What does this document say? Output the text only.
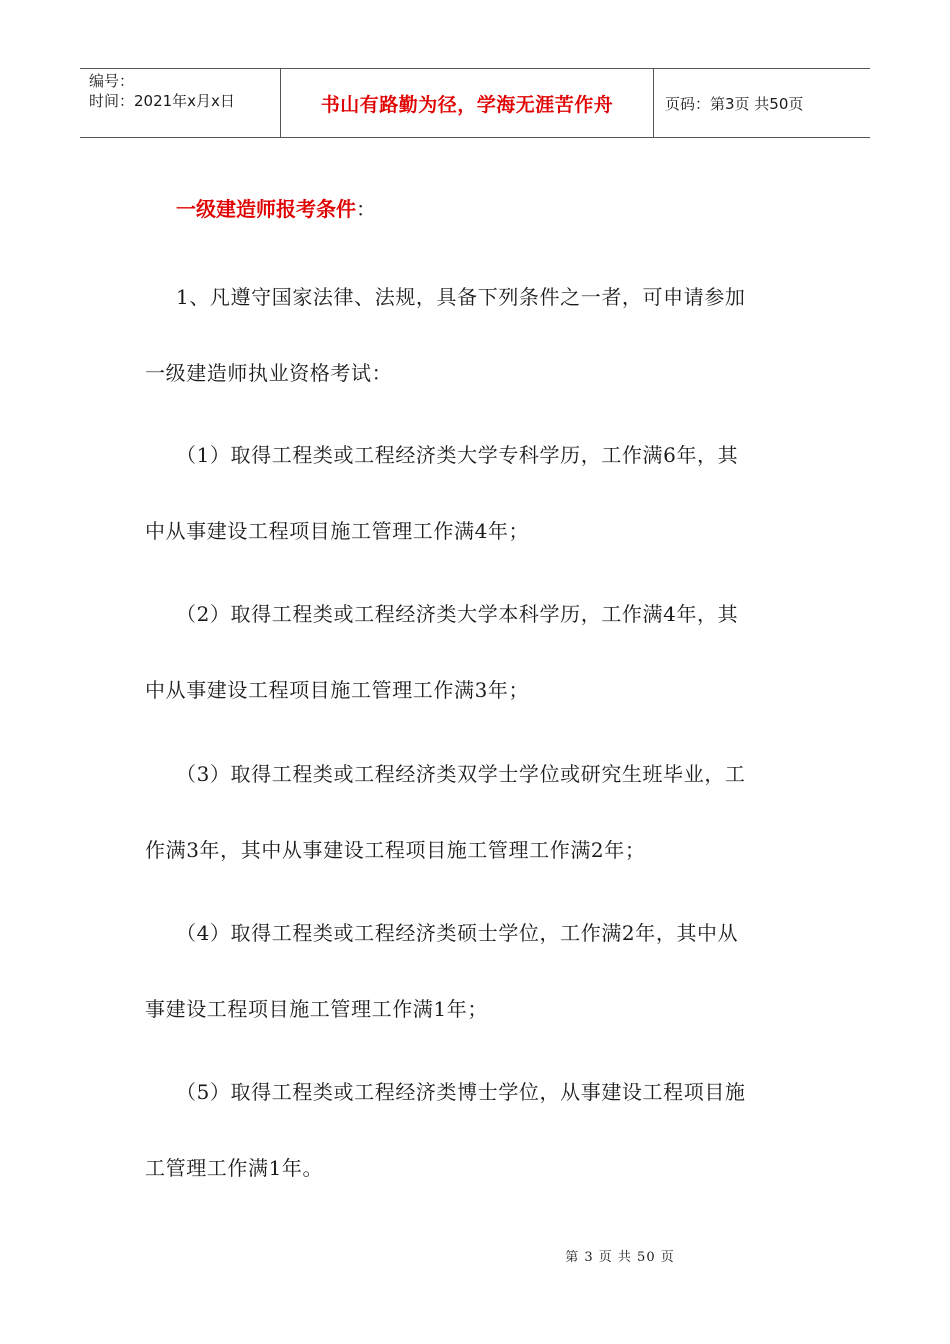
编号：
时间：2021年x月x日	书山有路勤为径，学海无涯苦作舟	页码：第3页 共50页
一级建造师报考条件：
1、凡遵守国家法律、法规，具备下列条件之一者，可申请参加
一级建造师执业资格考试：
（1）取得工程类或工程经济类大学专科学历，工作满6年，其
中从事建设工程项目施工管理工作满4年；
（2）取得工程类或工程经济类大学本科学历，工作满4年，其
中从事建设工程项目施工管理工作满3年；
（3）取得工程类或工程经济类双学士学位或研究生班毕业，工
作满3年，其中从事建设工程项目施工管理工作满2年；
（4）取得工程类或工程经济类硕士学位，工作满2年，其中从
事建设工程项目施工管理工作满1年；
（5）取得工程类或工程经济类博士学位，从事建设工程项目施
工管理工作满1年。
第 3 页 共 50 页
